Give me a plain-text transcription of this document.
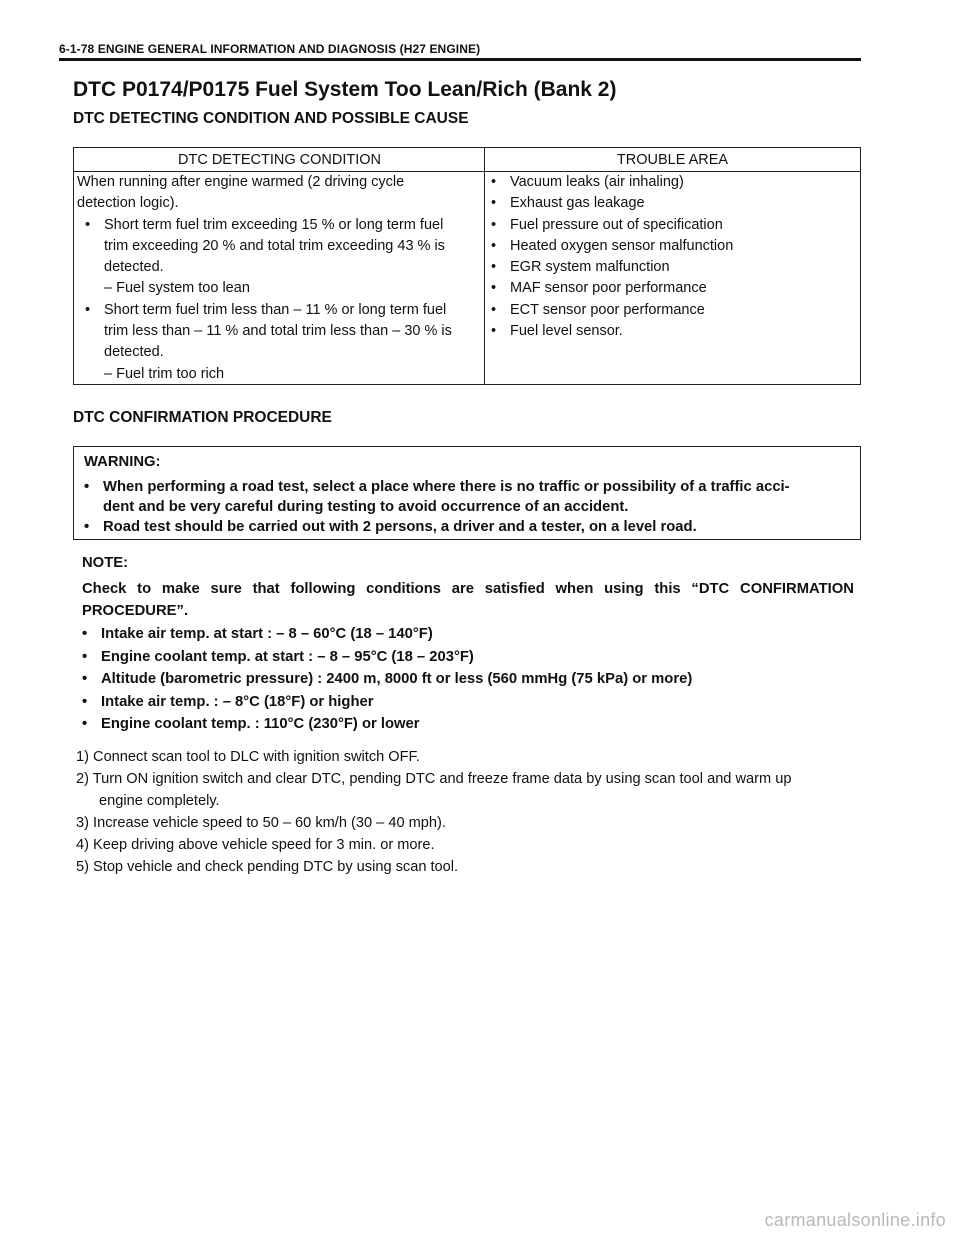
6-1-78 ENGINE GENERAL INFORMATION AND DIAGNOSIS (H27 ENGINE)
DTC P0174/P0175 Fuel System Too Lean/Rich (Bank 2)
DTC DETECTING CONDITION AND POSSIBLE CAUSE
DTC DETECTING CONDITION	TROUBLE AREA
When running after engine warmed (2 driving cycle
detection logic).
• Short term fuel trim exceeding 15 % or long term fuel
trim exceeding 20 % and total trim exceeding 43 % is
detected.
– Fuel system too lean
• Short term fuel trim less than – 11 % or long term fuel
trim less than – 11 % and total trim less than – 30 % is
detected.
– Fuel trim too rich
• Vacuum leaks (air inhaling)
• Exhaust gas leakage
• Fuel pressure out of specification
• Heated oxygen sensor malfunction
• EGR system malfunction
• MAF sensor poor performance
• ECT sensor poor performance
• Fuel level sensor.
DTC CONFIRMATION PROCEDURE
WARNING:
• When performing a road test, select a place where there is no traffic or possibility of a traffic acci-
dent and be very careful during testing to avoid occurrence of an accident.
• Road test should be carried out with 2 persons, a driver and a tester, on a level road.
NOTE:
Check to make sure that following conditions are satisfied when using this “DTC CONFIRMATION
PROCEDURE”.
• Intake air temp. at start : – 8 – 60°C (18 – 140°F)
• Engine coolant temp. at start : – 8 – 95°C (18 – 203°F)
• Altitude (barometric pressure) : 2400 m, 8000 ft or less (560 mmHg (75 kPa) or more)
• Intake air temp. : – 8°C (18°F) or higher
• Engine coolant temp. : 110°C (230°F) or lower
1) Connect scan tool to DLC with ignition switch OFF.
2) Turn ON ignition switch and clear DTC, pending DTC and freeze frame data by using scan tool and warm up
engine completely.
3) Increase vehicle speed to 50 – 60 km/h (30 – 40 mph).
4) Keep driving above vehicle speed for 3 min. or more.
5) Stop vehicle and check pending DTC by using scan tool.
carmanualsonline.info
